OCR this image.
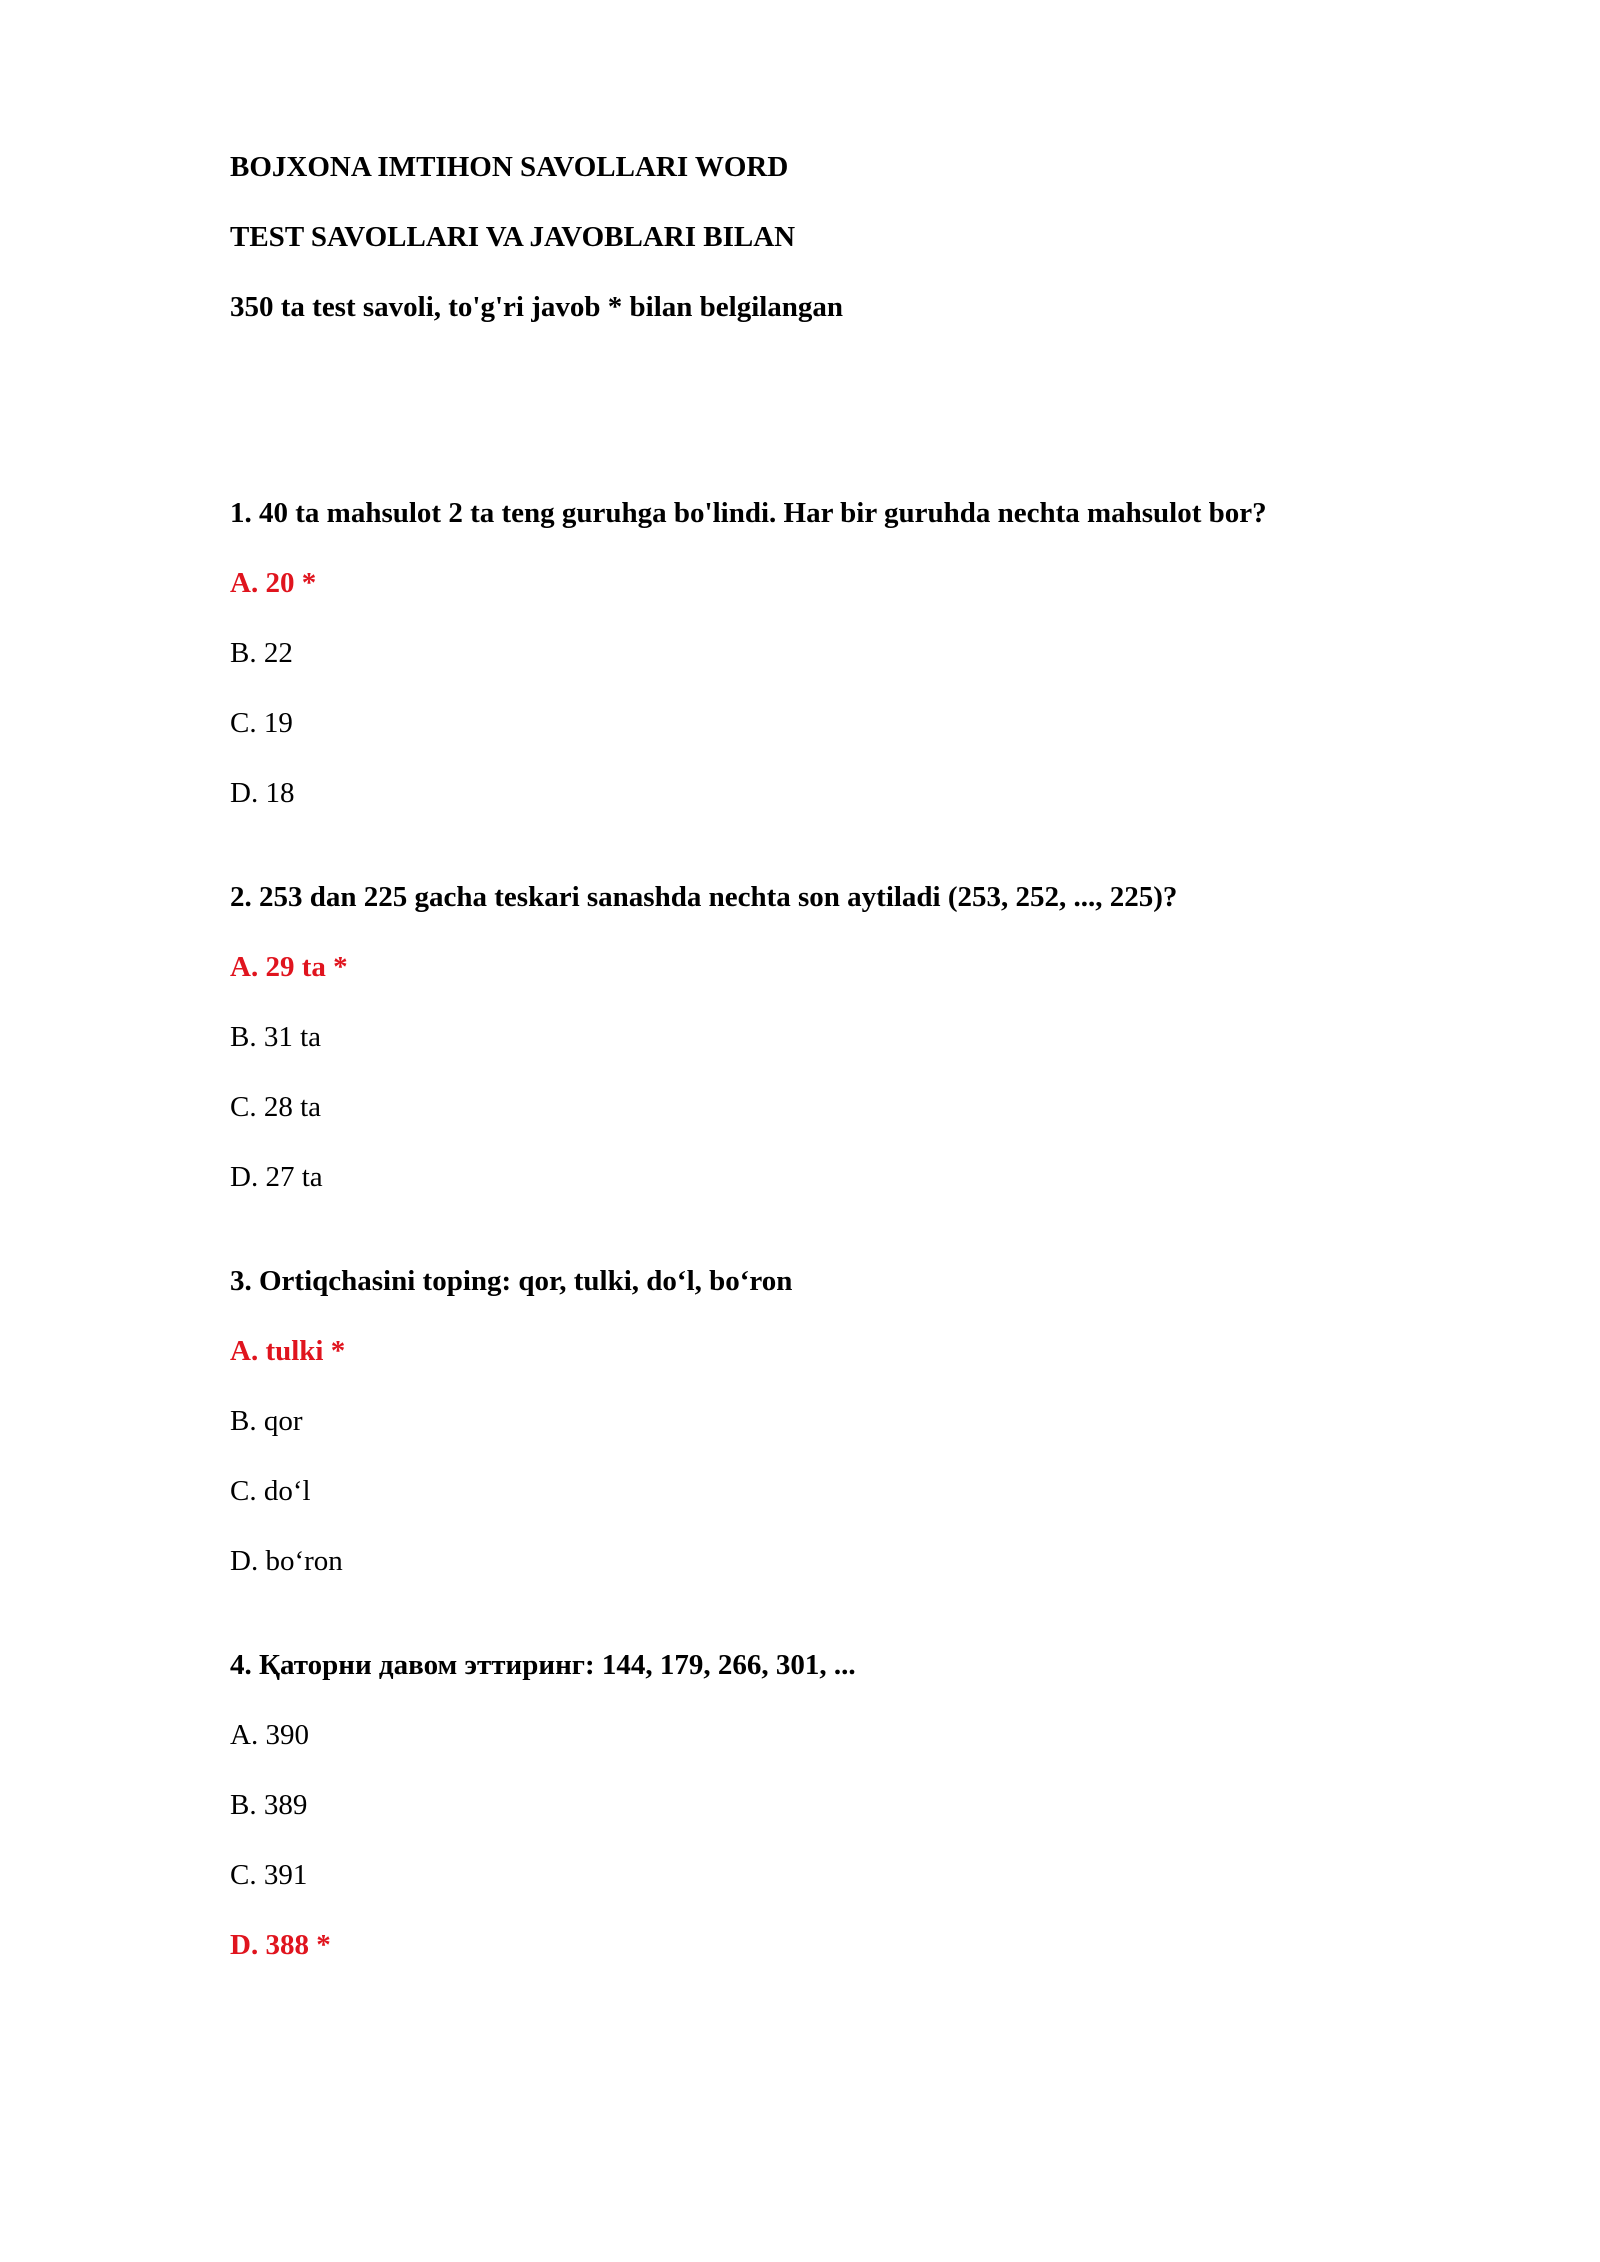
BOJXONA IMTIHON SAVOLLARI WORD
TEST SAVOLLARI VA JAVOBLARI BILAN
350 ta test savoli, to'g'ri javob * bilan belgilangan
1. 40 ta mahsulot 2 ta teng guruhga bo'lindi. Har bir guruhda nechta mahsulot bor?
A. 20 *
B. 22
C. 19
D. 18
2. 253 dan 225 gacha teskari sanashda nechta son aytiladi (253, 252, ..., 225)?
A. 29 ta *
B. 31 ta
C. 28 ta
D. 27 ta
3. Ortiqchasini toping: qor, tulki, do‘l, bo‘ron
A. tulki *
B. qor
C. do‘l
D. bo‘ron
4. Қаторни давом эттиринг: 144, 179, 266, 301, ...
A. 390
B. 389
C. 391
D. 388 *
